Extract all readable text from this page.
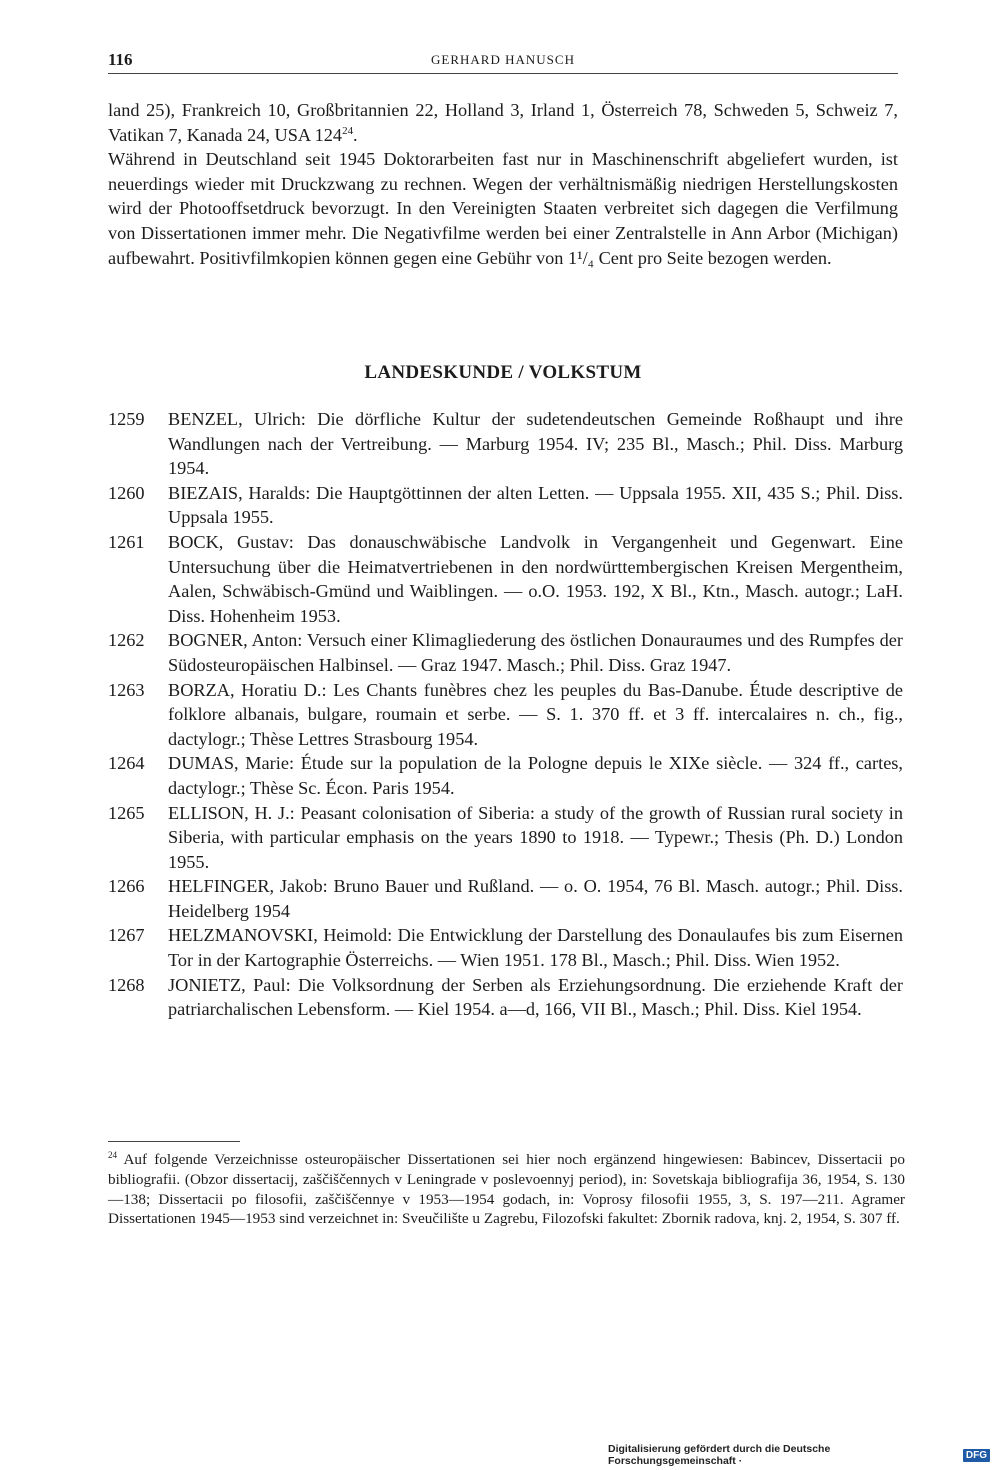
116	GERHARD HANUSCH

land 25), Frankreich 10, Großbritannien 22, Holland 3, Irland 1, Österreich 78, Schweden 5, Schweiz 7, Vatikan 7, Kanada 24, USA $124^{24}$.

Während in Deutschland seit 1945 Doktorarbeiten fast nur in Maschinenschrift abgeliefert wurden, ist neuerdings wieder mit Druckzwang zu rechnen. Wegen der verhältnismäßig niedrigen Herstellungskosten wird der Photooffsetdruck bevorzugt. In den Vereinigten Staaten verbreitet sich dagegen die Verfilmung von Dissertationen immer mehr. Die Negativfilme werden bei einer Zentralstelle in Ann Arbor (Michigan) aufbewahrt. Positivfilmkopien können gegen eine Gebühr von 1¹/₄ Cent pro Seite bezogen werden.

LANDESKUNDE / VOLKSTUM
1259	BENZEL, Ulrich: Die dörfliche Kultur der sudetendeutschen Gemeinde Roßhaupt und ihre Wandlungen nach der Vertreibung. — Marburg 1954. IV; 235 Bl., Masch.; Phil. Diss. Marburg 1954.
1260	BIEZAIS, Haralds: Die Hauptgöttinnen der alten Letten. — Uppsala 1955. XII, 435 S.; Phil. Diss. Uppsala 1955.
1261	BOCK, Gustav: Das donauschwäbische Landvolk in Vergangenheit und Gegenwart. Eine Untersuchung über die Heimatvertriebenen in den nordwürttembergischen Kreisen Mergentheim, Aalen, Schwäbisch-Gmünd und Waiblingen. — o.O. 1953. 192, X Bl., Ktn., Masch. autogr.; LaH. Diss. Hohenheim 1953.
1262	BOGNER, Anton: Versuch einer Klimagliederung des östlichen Donauraumes und des Rumpfes der Südosteuropäischen Halbinsel. — Graz 1947. Masch.; Phil. Diss. Graz 1947.
1263	BORZA, Horatiu D.: Les Chants funèbres chez les peuples du Bas-Danube. Étude descriptive de folklore albanais, bulgare, roumain et serbe. — S. 1. 370 ff. et 3 ff. intercalaires n. ch., fig., dactylogr.; Thèse Lettres Strasbourg 1954.
1264	DUMAS, Marie: Étude sur la population de la Pologne depuis le XIXe siècle. — 324 ff., cartes, dactylogr.; Thèse Sc. Écon. Paris 1954.
1265	ELLISON, H. J.: Peasant colonisation of Siberia: a study of the growth of Russian rural society in Siberia, with particular emphasis on the years 1890 to 1918. — Typewr.; Thesis (Ph. D.) London 1955.
1266	HELFINGER, Jakob: Bruno Bauer und Rußland. — o. O. 1954, 76 Bl. Masch. autogr.; Phil. Diss. Heidelberg 1954
1267	HELZMANOVSKI, Heimold: Die Entwicklung der Darstellung des Donaulaufes bis zum Eisernen Tor in der Kartographie Österreichs. — Wien 1951. 178 Bl., Masch.; Phil. Diss. Wien 1952.
1268	JONIETZ, Paul: Die Volksordnung der Serben als Erziehungsordnung. Die erziehende Kraft der patriarchalischen Lebensform. — Kiel 1954. a—d, 166, VII Bl., Masch.; Phil. Diss. Kiel 1954.
$^{24}$ Auf folgende Verzeichnisse osteuropäischer Dissertationen sei hier noch ergänzend hingewiesen: Babincev, Dissertacii po bibliografii. (Obzor dissertacij, zaščiščennych v Leningrade v poslevoennyj period), in: Sovetskaja bibliografija 36, 1954, S. 130—138; Dissertacii po filosofii, zaščiščennye v 1953—1954 godach, in: Voprosy filosofii 1955, 3, S. 197—211. Agramer Dissertationen 1945—1953 sind verzeichnet in: Sveučilište u Zagrebu, Filozofski fakultet: Zbornik radova, knj. 2, 1954, S. 307 ff.
Digitalisierung gefördert durch die Deutsche Forschungsgemeinschaft ·	DFG
